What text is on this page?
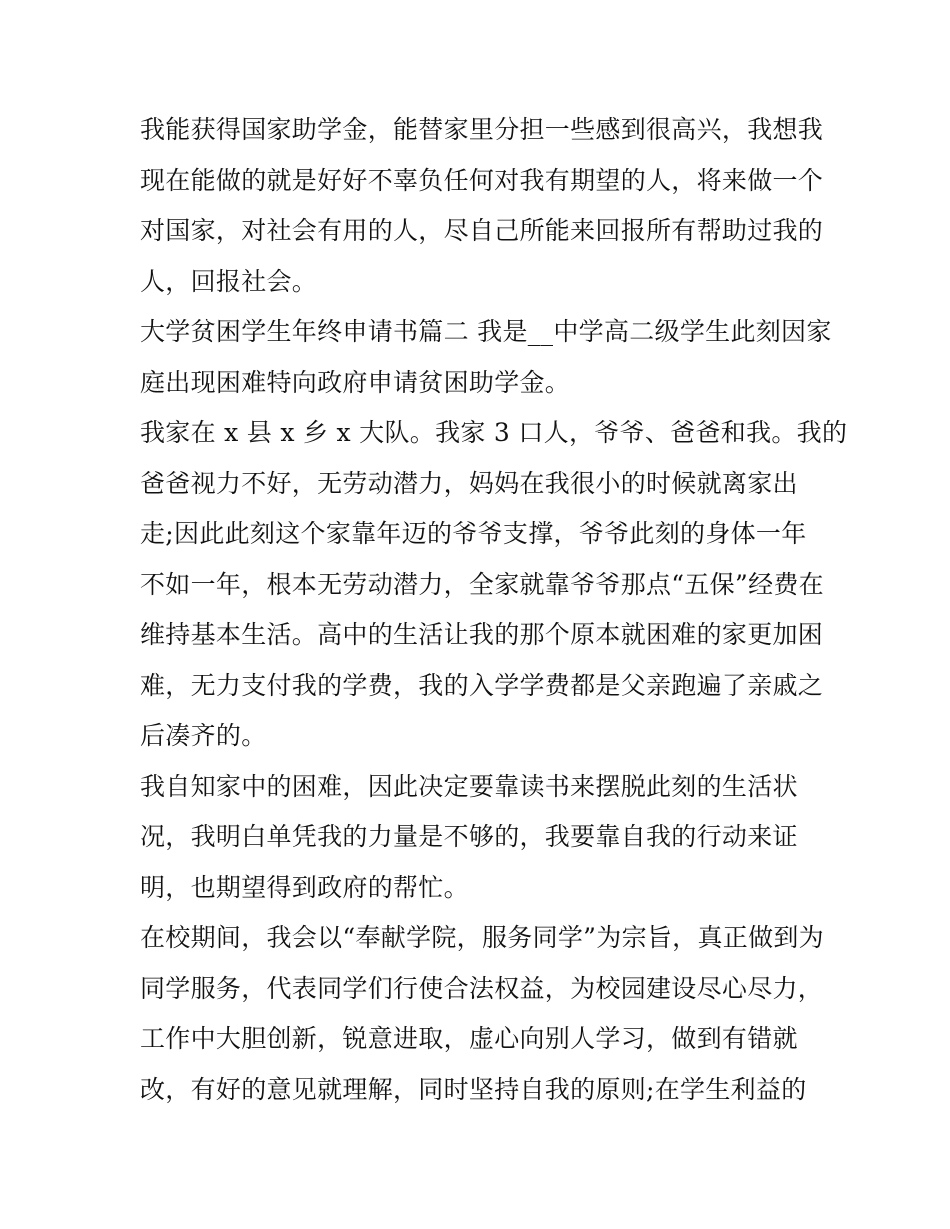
我能获得国家助学金，能替家里分担一些感到很高兴，我想我
现在能做的就是好好不辜负任何对我有期望的人，将来做一个
对国家，对社会有用的人，尽自己所能来回报所有帮助过我的
人，回报社会。
大学贫困学生年终申请书篇二 我是__中学高二级学生此刻因家
庭出现困难特向政府申请贫困助学金。
我家在 x 县 x 乡 x 大队。我家 3 口人，爷爷、爸爸和我。我的
爸爸视力不好，无劳动潜力，妈妈在我很小的时候就离家出
走;因此此刻这个家靠年迈的爷爷支撑，爷爷此刻的身体一年
不如一年，根本无劳动潜力，全家就靠爷爷那点“五保”经费在
维持基本生活。高中的生活让我的那个原本就困难的家更加困
难，无力支付我的学费，我的入学学费都是父亲跑遍了亲戚之
后凑齐的。
我自知家中的困难，因此决定要靠读书来摆脱此刻的生活状
况，我明白单凭我的力量是不够的，我要靠自我的行动来证
明，也期望得到政府的帮忙。
在校期间，我会以“奉献学院，服务同学”为宗旨，真正做到为
同学服务，代表同学们行使合法权益，为校园建设尽心尽力，
工作中大胆创新，锐意进取，虚心向别人学习，做到有错就
改，有好的意见就理解，同时坚持自我的原则;在学生利益的
